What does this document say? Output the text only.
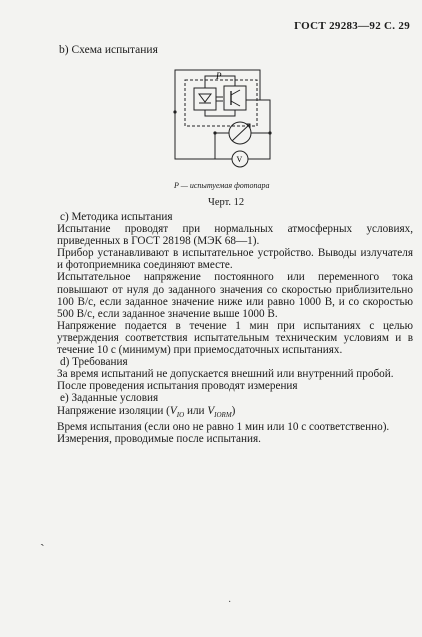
ГОСТ 29283—92 С. 29
b) Схема испытания
P
V
P — испытуемая фотопара
Черт. 12

c) Методика испытания

Испытание проводят при нормальных атмосферных условиях, приведенных в ГОСТ 28198 (МЭК 68—1).

Прибор устанавливают в испытательное устройство. Выводы излучателя и фотоприемника соединяют вместе.

Испытательное напряжение постоянного или переменного тока повышают от нуля до заданного значения со скоростью приблизительно 100 В/с, если заданное значение ниже или равно 1000 В, и со скоростью 500 В/с, если заданное значение выше 1000 В.

Напряжение подается в течение 1 мин при испытаниях с целью утверждения соответствия испытательным техническим условиям и в течение 10 с (минимум) при приемосдаточных испытаниях.

d) Требования

За время испытаний не допускается внешний или внутренний пробой.

После проведения испытания проводят измерения

e) Заданные условия

Напряжение изоляции ($V_{IO}$ или $V_{IORM}$)

Время испытания (если оно не равно 1 мин или 10 с соответственно).

Измерения, проводимые после испытания.

ˎ
·
